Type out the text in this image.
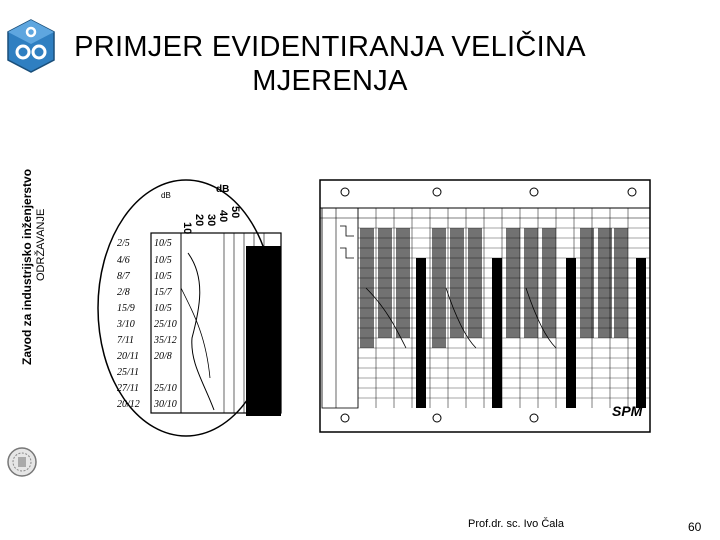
PRIMJER EVIDENTIRANJA VELIČINA
MJERENJA
Zavod za industrijsko inženjerstvo ODRŽAVANJE
dB
dB
10
20 30 40 50
2/5
4/6
8/7
2/8
15/9
3/10
7/11
20/11
25/11
27/11
20/12
10/5
10/5
10/5
15/7
10/5
25/10
35/12
20/8
25/10
30/10	SPM
Prof.dr. sc. Ivo Čala	60
